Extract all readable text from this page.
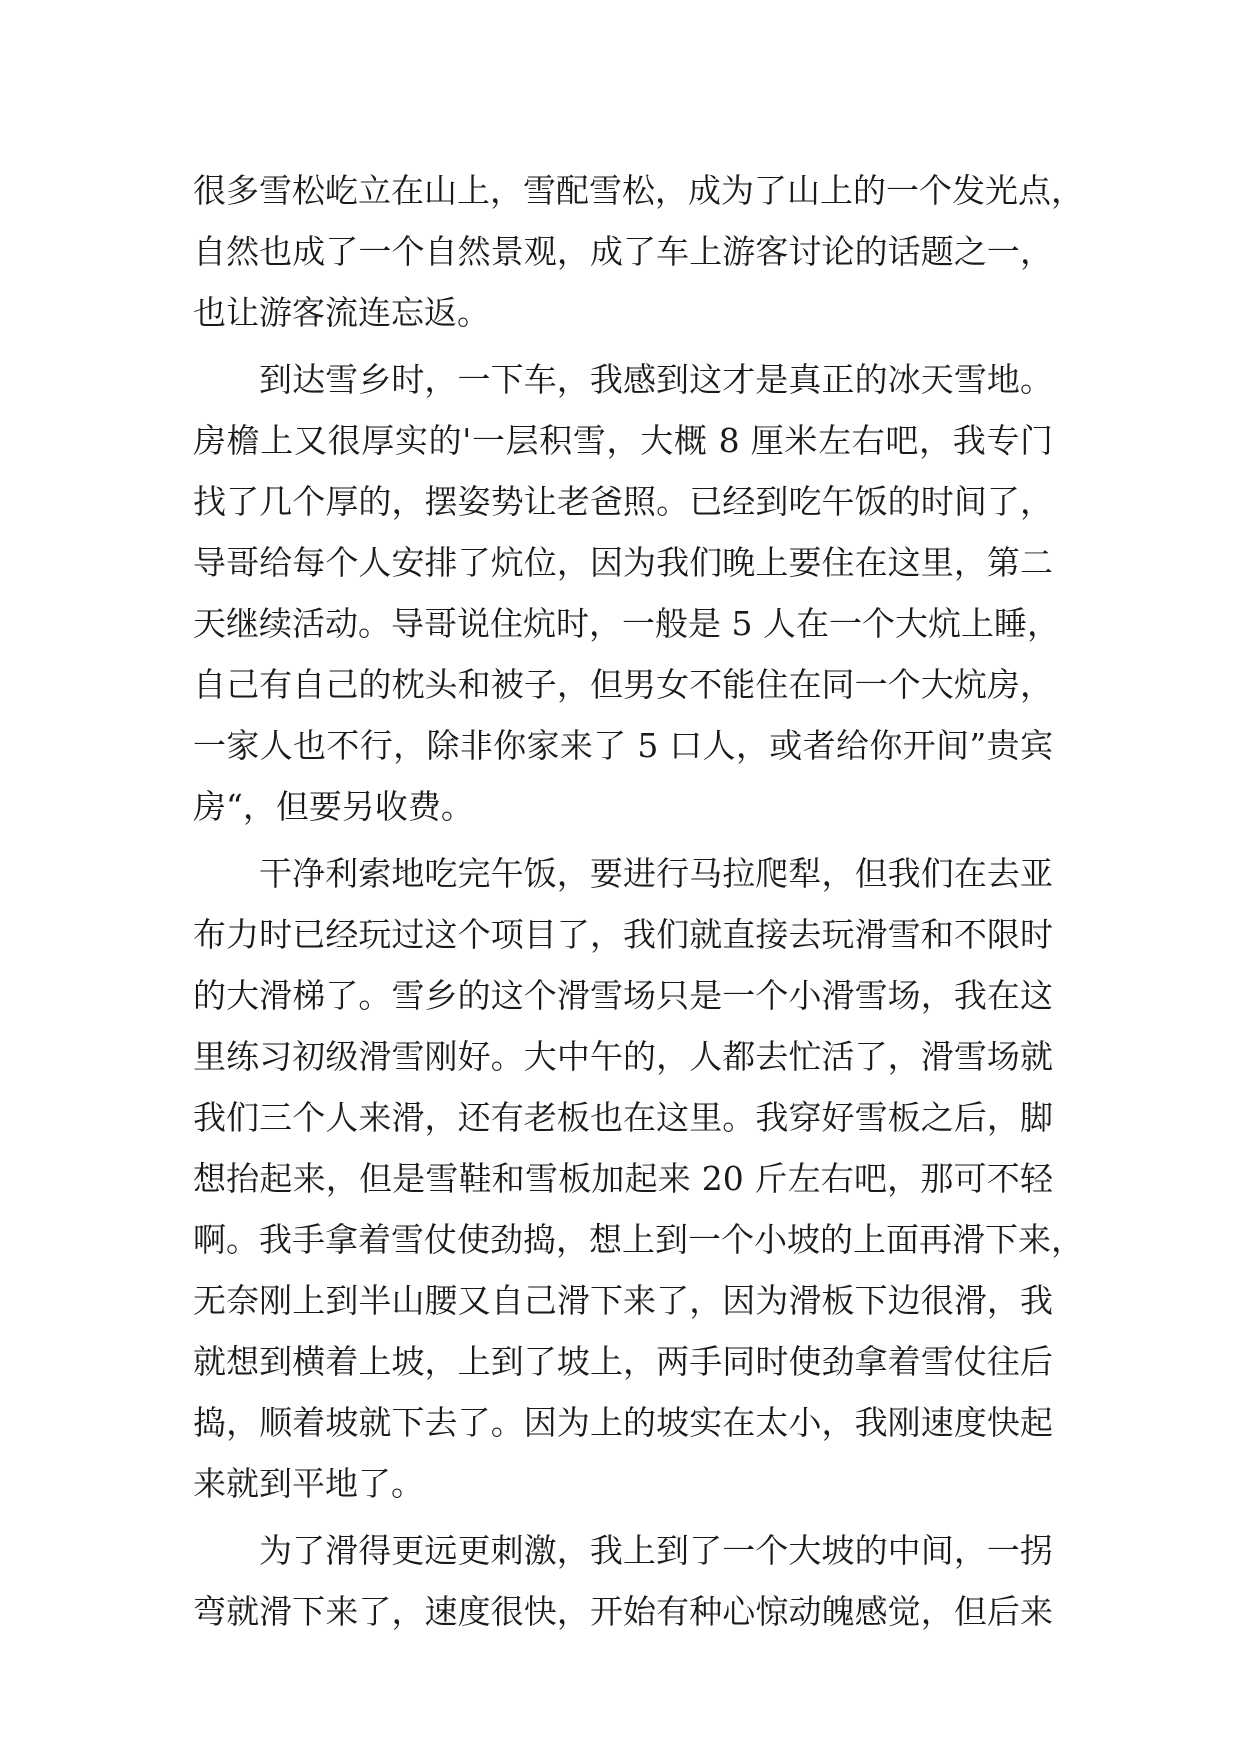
很多雪松屹立在山上，雪配雪松，成为了山上的一个发光点，
自然也成了一个自然景观，成了车上游客讨论的话题之一，
也让游客流连忘返。
到达雪乡时，一下车，我感到这才是真正的冰天雪地。
房檐上又很厚实的'一层积雪，大概 8 厘米左右吧，我专门
找了几个厚的，摆姿势让老爸照。已经到吃午饭的时间了，
导哥给每个人安排了炕位，因为我们晚上要住在这里，第二
天继续活动。导哥说住炕时，一般是 5 人在一个大炕上睡，
自己有自己的枕头和被子，但男女不能住在同一个大炕房，
一家人也不行，除非你家来了 5 口人，或者给你开间”贵宾
房“，但要另收费。
干净利索地吃完午饭，要进行马拉爬犁，但我们在去亚
布力时已经玩过这个项目了，我们就直接去玩滑雪和不限时
的大滑梯了。雪乡的这个滑雪场只是一个小滑雪场，我在这
里练习初级滑雪刚好。大中午的，人都去忙活了，滑雪场就
我们三个人来滑，还有老板也在这里。我穿好雪板之后，脚
想抬起来，但是雪鞋和雪板加起来 20 斤左右吧，那可不轻
啊。我手拿着雪仗使劲捣，想上到一个小坡的上面再滑下来，
无奈刚上到半山腰又自己滑下来了，因为滑板下边很滑，我
就想到横着上坡，上到了坡上，两手同时使劲拿着雪仗往后
捣，顺着坡就下去了。因为上的坡实在太小，我刚速度快起
来就到平地了。
为了滑得更远更刺激，我上到了一个大坡的中间，一拐
弯就滑下来了，速度很快，开始有种心惊动魄感觉，但后来
